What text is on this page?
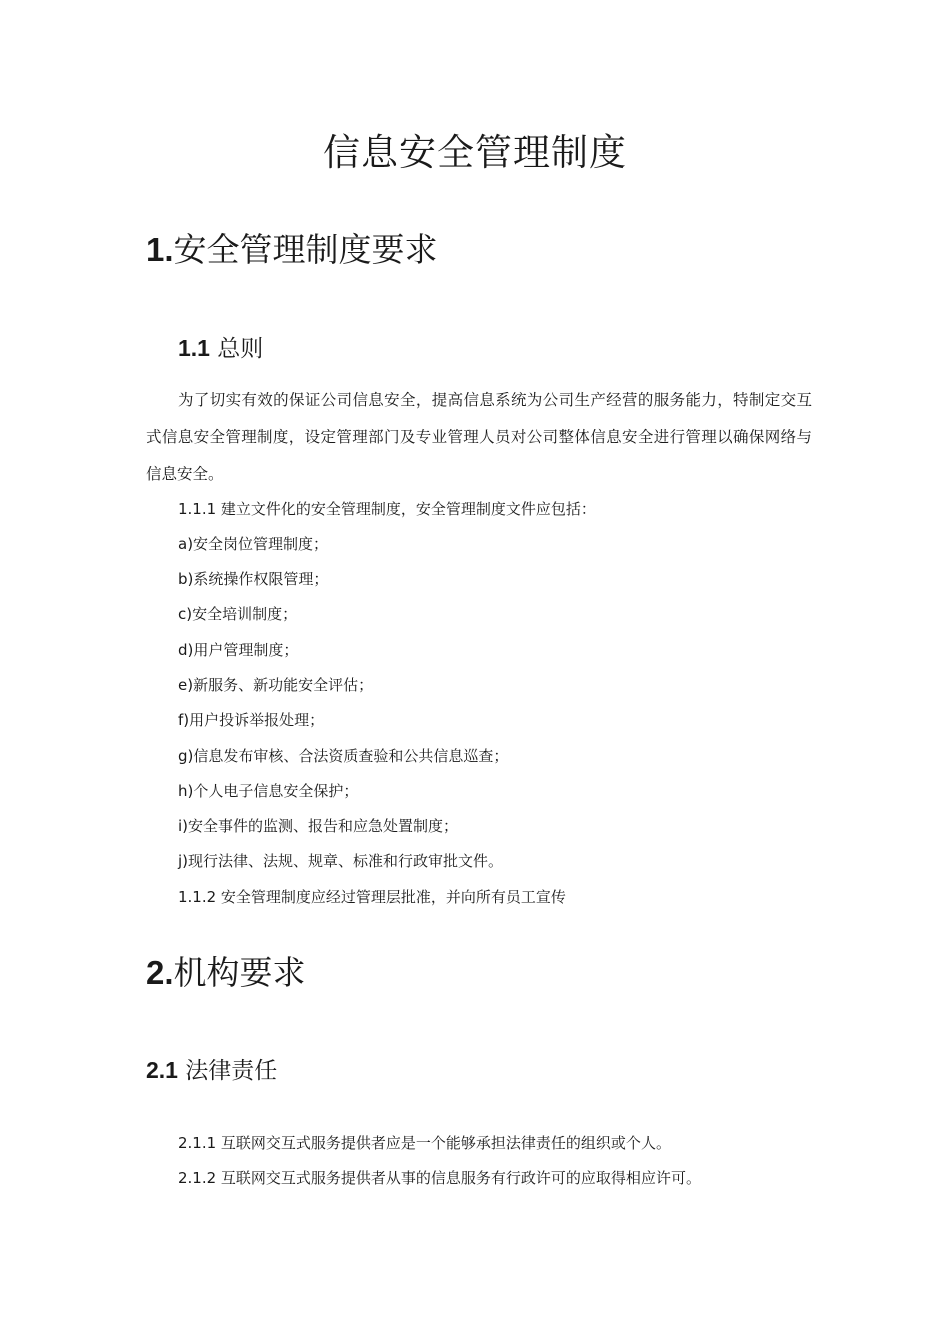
信息安全管理制度
1.安全管理制度要求
1.1 总则

为了切实有效的保证公司信息安全，提高信息系统为公司生产经营的服务能力，特制定交互式信息安全管理制度，设定管理部门及专业管理人员对公司整体信息安全进行管理以确保网络与信息安全。

1.1.1 建立文件化的安全管理制度，安全管理制度文件应包括：

a)安全岗位管理制度；

b)系统操作权限管理；

c)安全培训制度；

d)用户管理制度；

e)新服务、新功能安全评估；

f)用户投诉举报处理；

g)信息发布审核、合法资质查验和公共信息巡查；

h)个人电子信息安全保护；

i)安全事件的监测、报告和应急处置制度；

j)现行法律、法规、规章、标准和行政审批文件。

1.1.2 安全管理制度应经过管理层批准，并向所有员工宣传

2.机构要求
2.1 法律责任

2.1.1 互联网交互式服务提供者应是一个能够承担法律责任的组织或个人。

2.1.2 互联网交互式服务提供者从事的信息服务有行政许可的应取得相应许可。
